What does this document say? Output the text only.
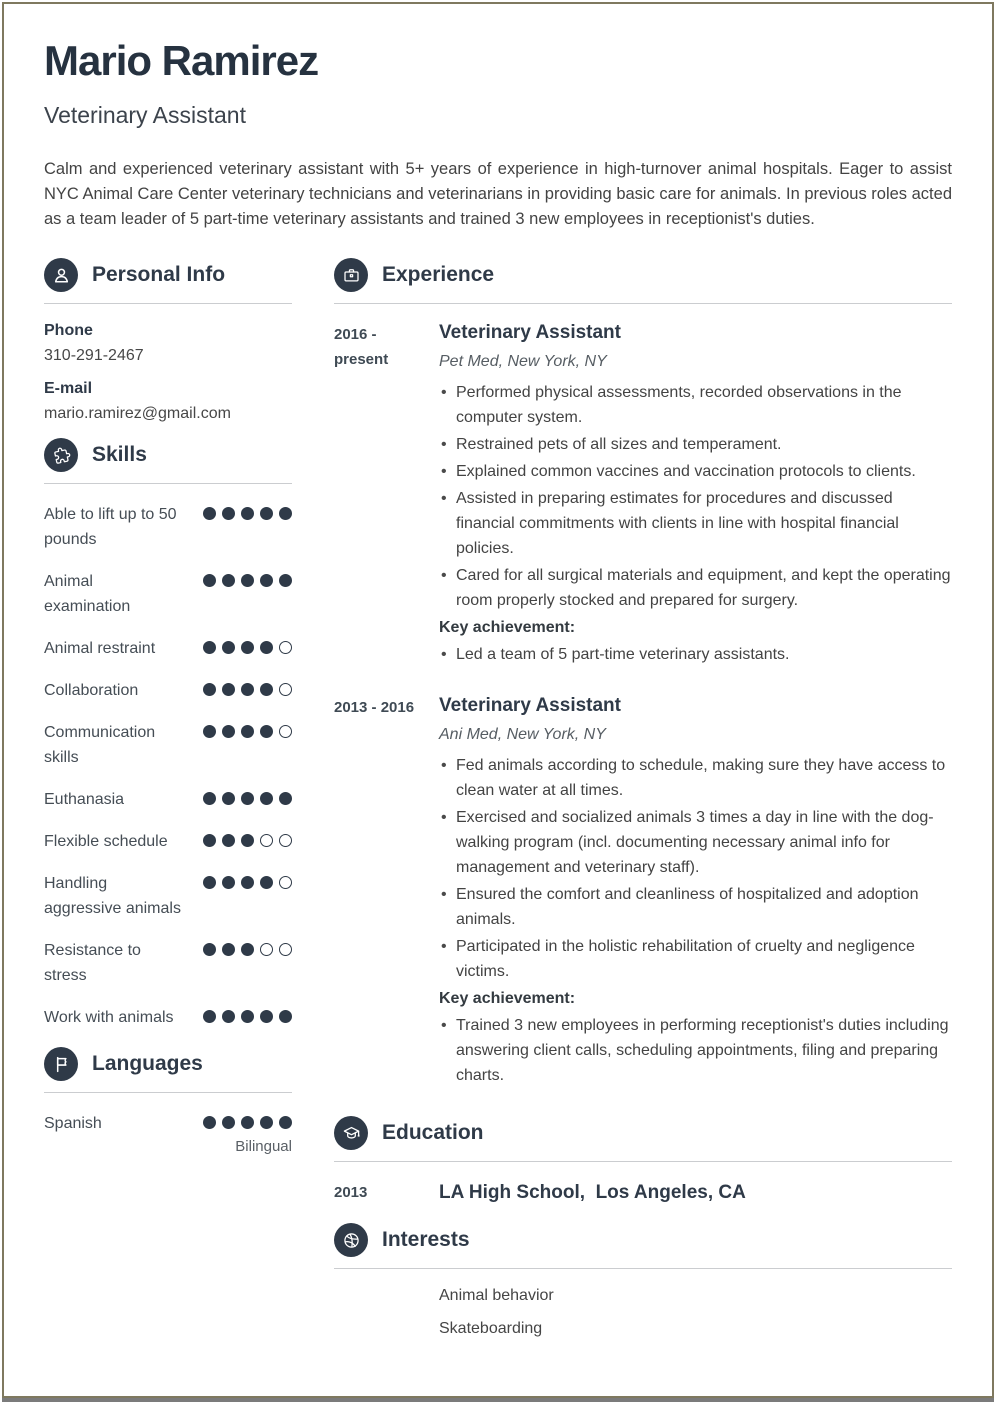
Mario Ramirez
Veterinary Assistant

Calm and experienced veterinary assistant with 5+ years of experience in high-turnover animal hospitals. Eager to assist NYC Animal Care Center veterinary technicians and veterinarians in providing basic care for animals. In previous roles acted as a team leader of 5 part-time veterinary assistants and trained 3 new employees in receptionist's duties.

Personal Info
Phone
310-291-2467
E-mail
mario.ramirez@gmail.com
Skills
Able to lift up to 50 pounds
Animal examination
Animal restraint
Collaboration
Communication skills
Euthanasia
Flexible schedule
Handling aggressive animals
Resistance to stress
Work with animals
Languages
Spanish
Bilingual
Experience
2016 - present
Veterinary Assistant
Pet Med, New York, NY
• Performed physical assessments, recorded observations in the computer system.
• Restrained pets of all sizes and temperament.
• Explained common vaccines and vaccination protocols to clients.
• Assisted in preparing estimates for procedures and discussed financial commitments with clients in line with hospital financial policies.
• Cared for all surgical materials and equipment, and kept the operating room properly stocked and prepared for surgery.
Key achievement:
• Led a team of 5 part-time veterinary assistants.
2013 - 2016	Veterinary Assistant
Ani Med, New York, NY
• Fed animals according to schedule, making sure they have access to clean water at all times.
• Exercised and socialized animals 3 times a day in line with the dog-walking program (incl. documenting necessary animal info for management and veterinary staff).
• Ensured the comfort and cleanliness of hospitalized and adoption animals.
• Participated in the holistic rehabilitation of cruelty and negligence victims.
Key achievement:
• Trained 3 new employees in performing receptionist's duties including answering client calls, scheduling appointments, filing and preparing charts.
Education
2013	LA High School,  Los Angeles, CA
Interests
Animal behavior
Skateboarding
